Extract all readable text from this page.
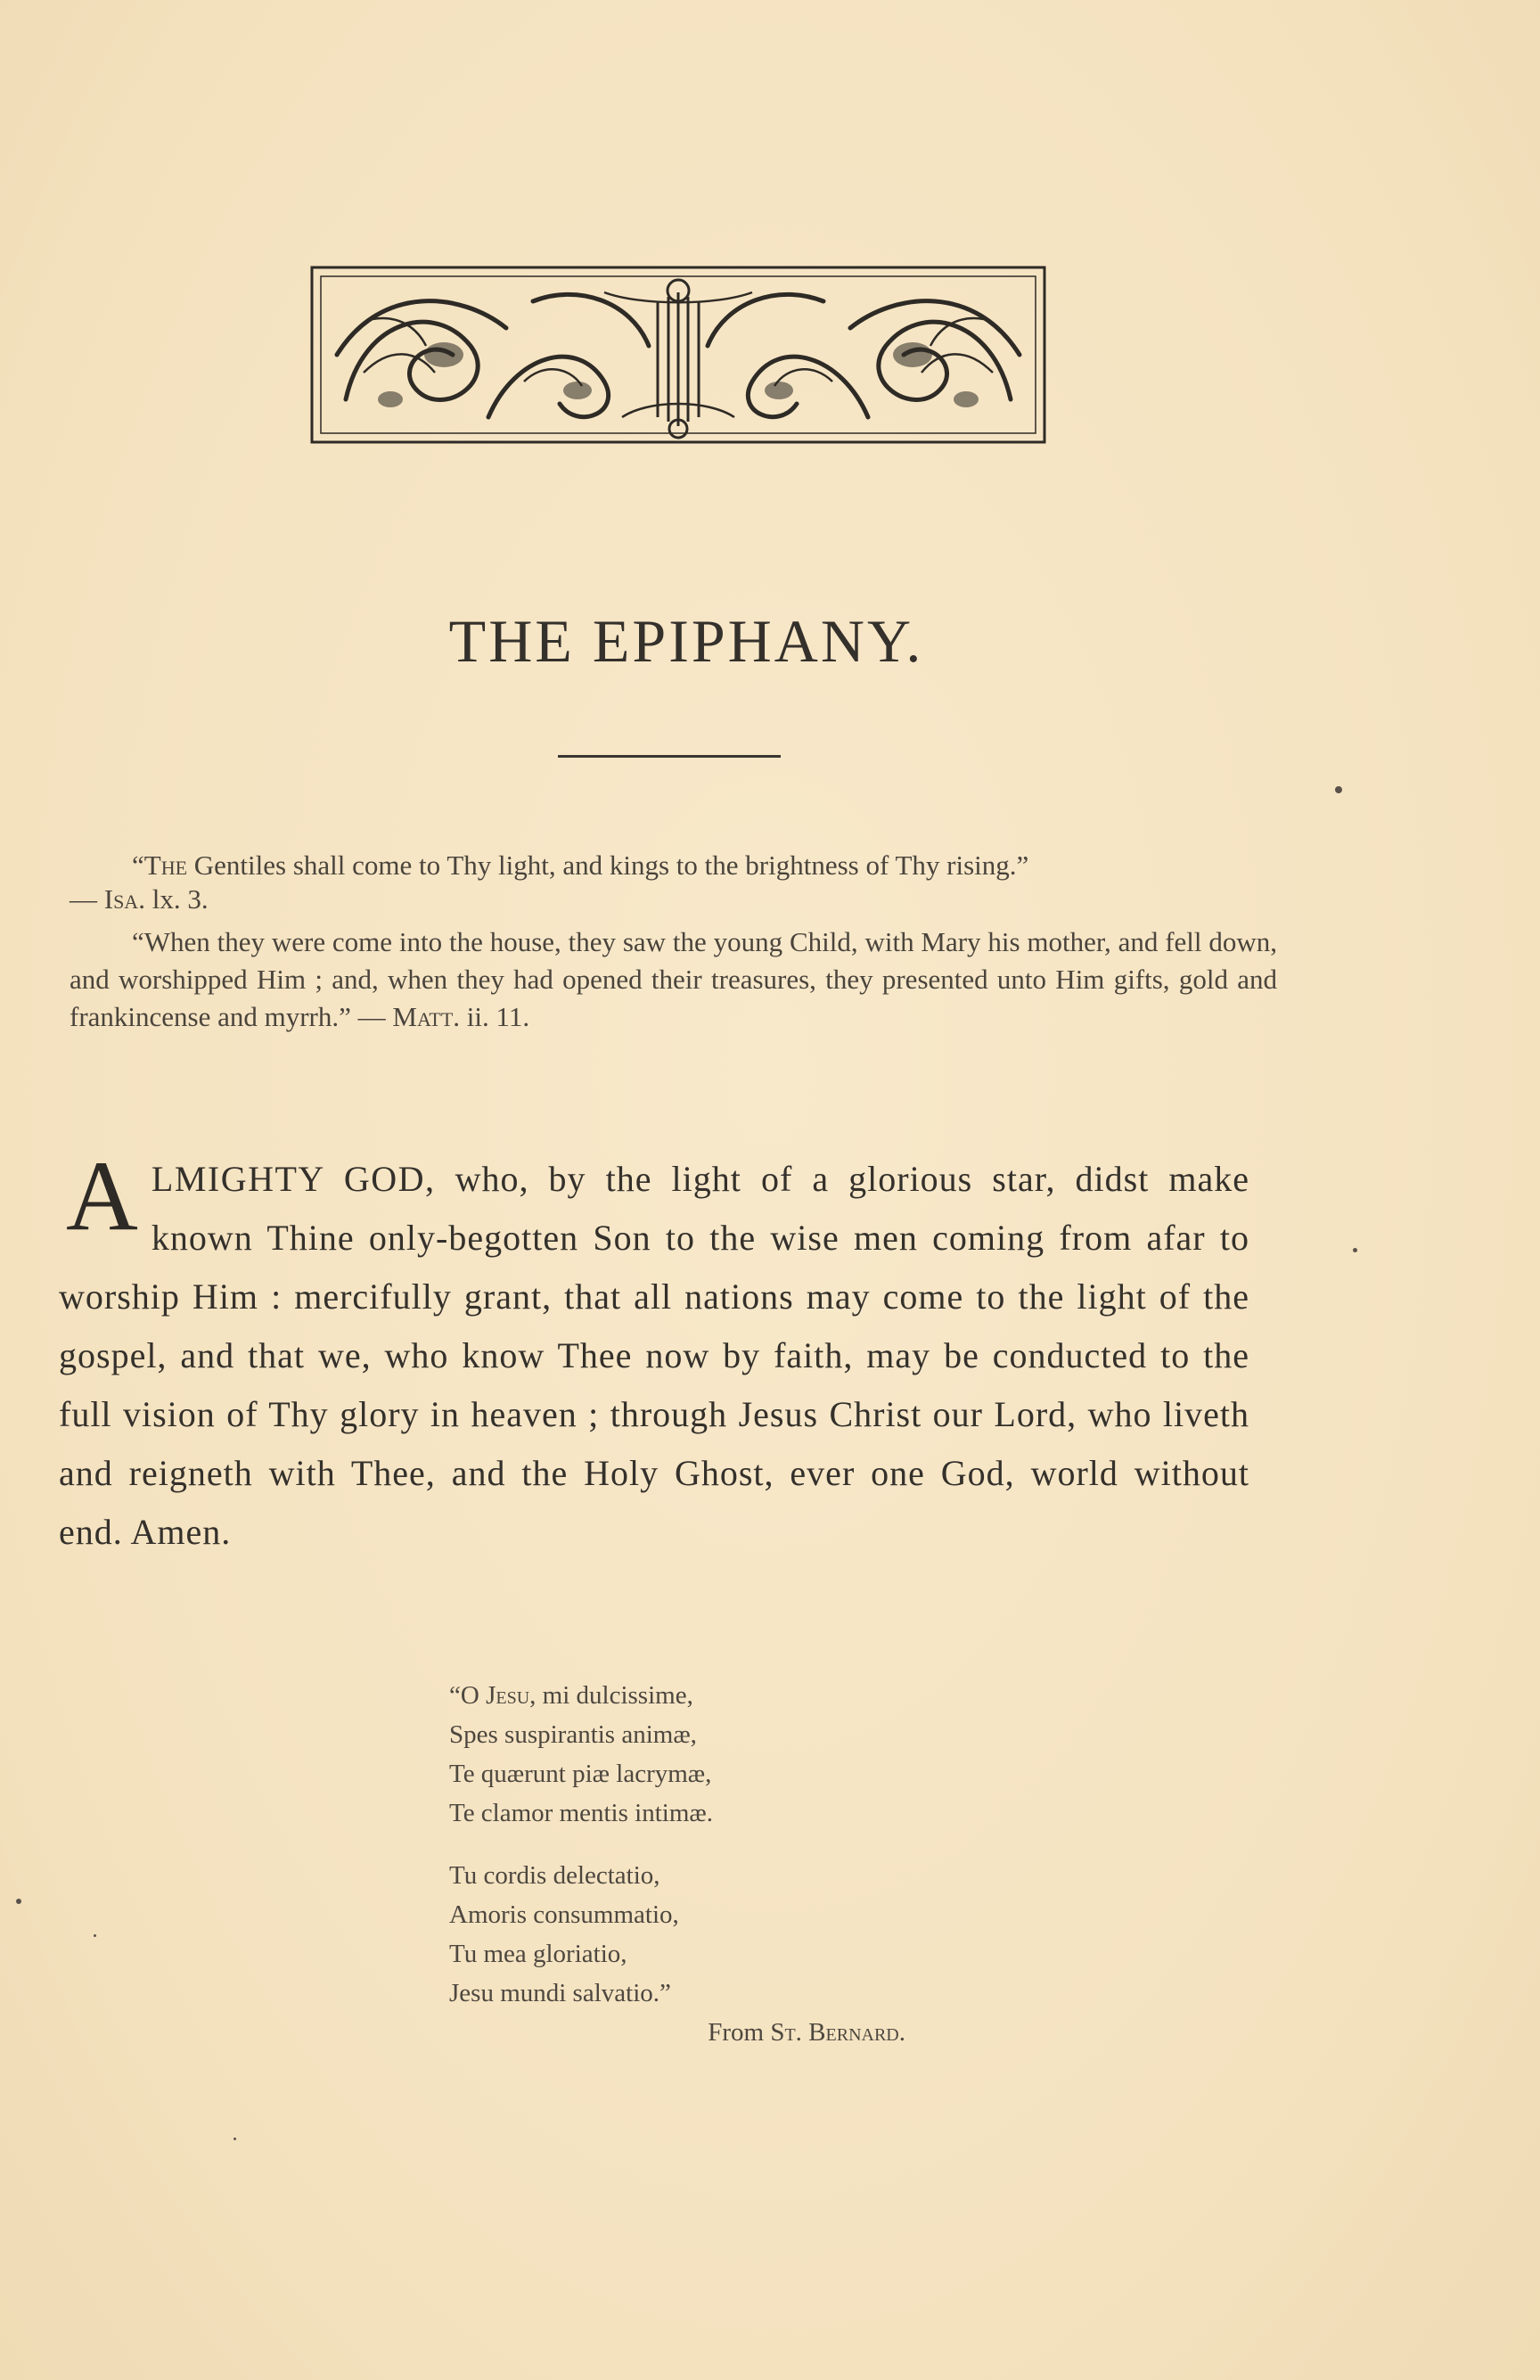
THE EPIPHANY.

“The Gentiles shall come to Thy light, and kings to the brightness of Thy rising.”

— Isa. lx. 3.

“When they were come into the house, they saw the young Child, with Mary his mother, and fell down, and worshipped Him ; and, when they had opened their treasures, they presented unto Him gifts, gold and frankincense and myrrh.” — Matt. ii. 11.

ALMIGHTY GOD, who, by the light of a glorious star, didst make known Thine only-begotten Son to the wise men coming from afar to worship Him : mercifully grant, that all nations may come to the light of the gospel, and that we, who know Thee now by faith, may be conducted to the full vision of Thy glory in heaven ; through Jesus Christ our Lord, who liveth and reigneth with Thee, and the Holy Ghost, ever one God, world without end. Amen.
“O Jesu, mi dulcissime,
Spes suspirantis animæ,
Te quærunt piæ lacrymæ,
Te clamor mentis intimæ.
Tu cordis delectatio,
Amoris consummatio,
Tu mea gloriatio,
Jesu mundi salvatio.”
From St. Bernard.
